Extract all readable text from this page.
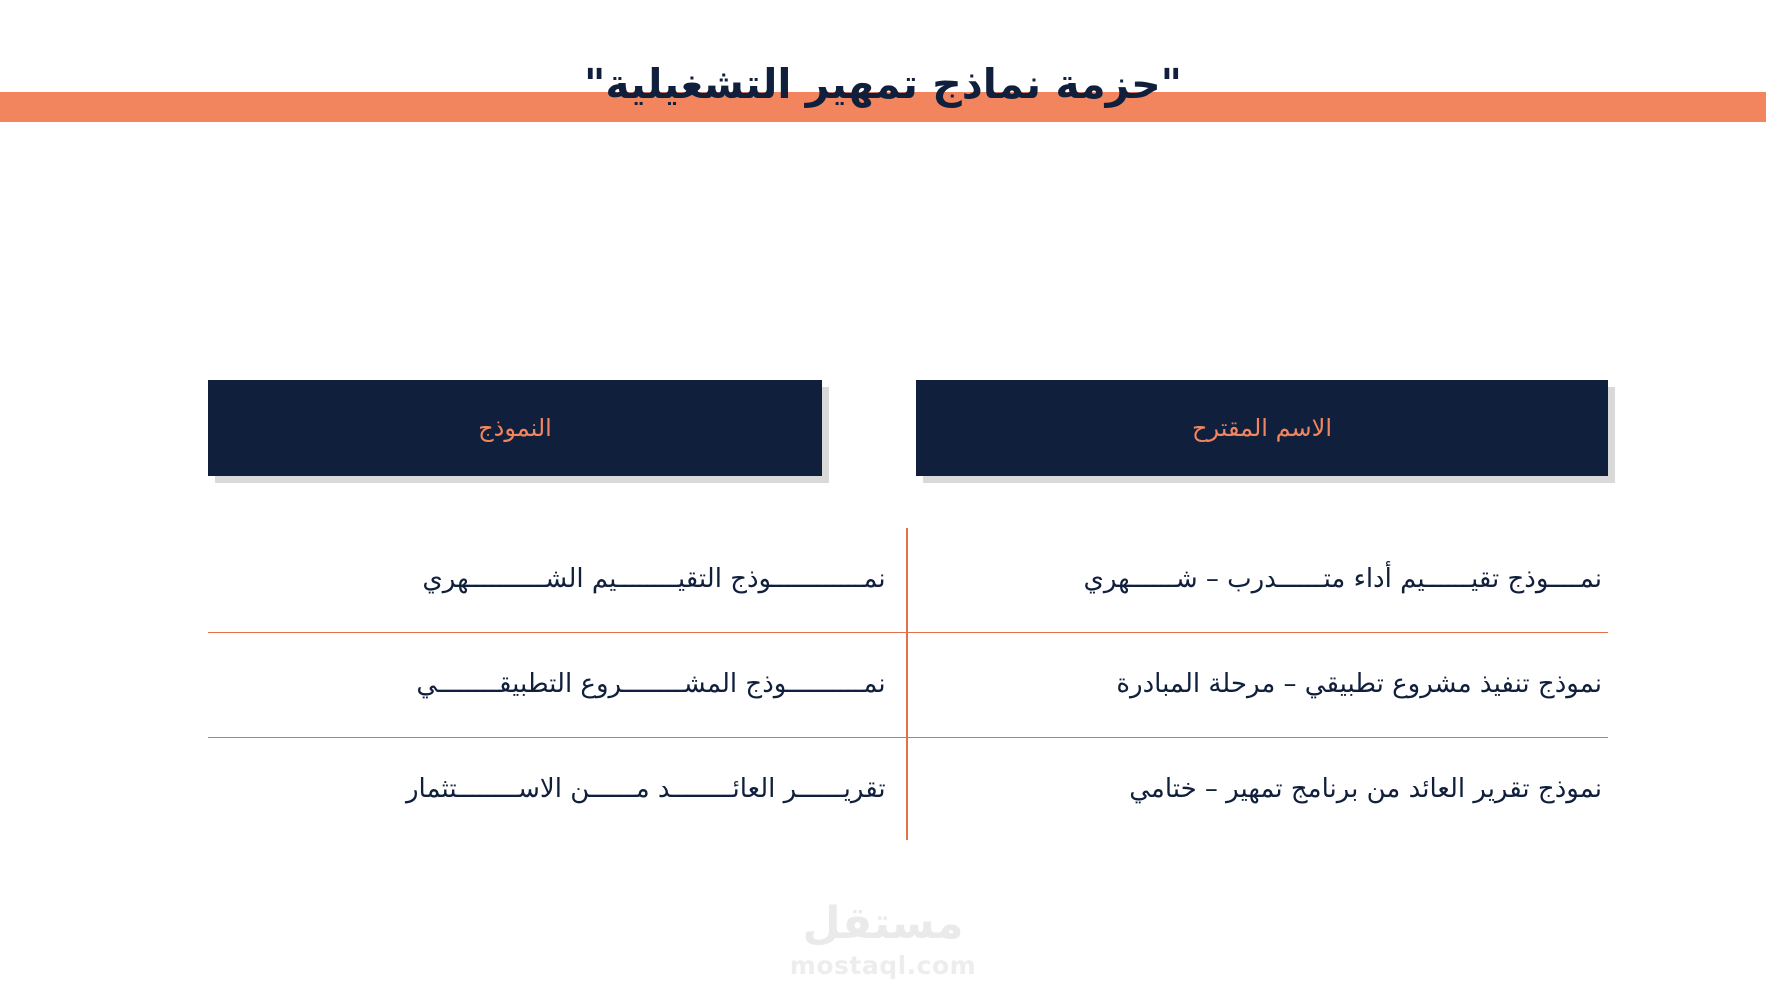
"حزمة نماذج تمهير التشغيلية"
الاسم المقترح
النموذج
نمــــوذج تقيــــــيم أداء متــــــدرب – شــــــهري
نمــــــــــــوذج التقيــــــــيم الشــــــــــهري
نموذج تنفيذ مشروع تطبيقي – مرحلة المبادرة
نمــــــــــوذج المشــــــــروع التطبيقــــــــي
نموذج تقرير العائد من برنامج تمهير – ختامي
تقريــــــر العائــــــــد مــــــن الاســــــــتثمار
مستقل
mostaql.com
